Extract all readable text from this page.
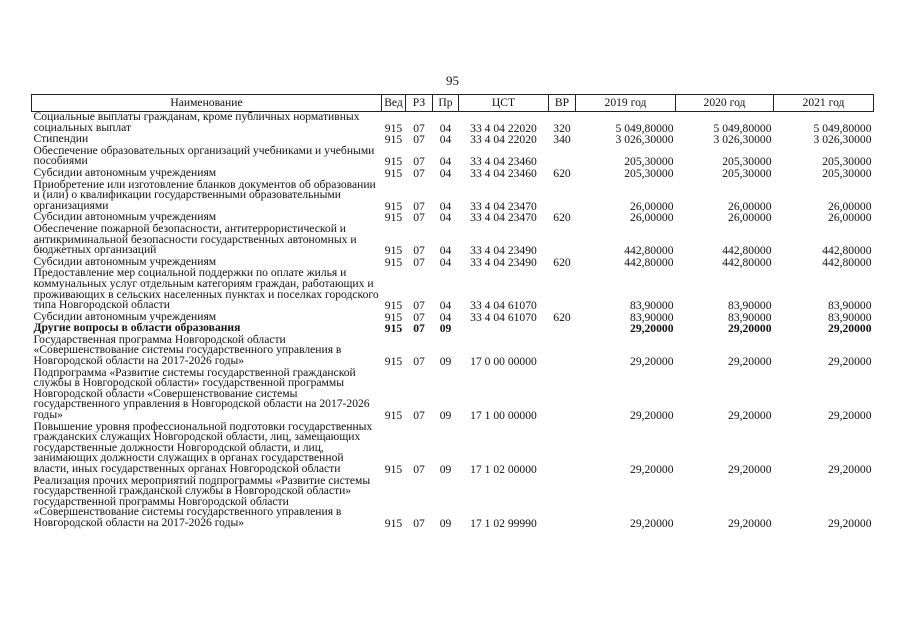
95
Наименование	Вед	РЗ	Пр	ЦСТ	ВР	2019 год	2020 год	2021 год
Социальные выплаты гражданам, кроме публичных нормативных социальных выплат	915	07	04	33 4 04 22020	320	5 049,80000	5 049,80000	5 049,80000
Стипендии	915	07	04	33 4 04 22020	340	3 026,30000	3 026,30000	3 026,30000
Обеспечение образовательных организаций учебниками и учебными пособиями	915	07	04	33 4 04 23460		205,30000	205,30000	205,30000
Субсидии автономным учреждениям	915	07	04	33 4 04 23460	620	205,30000	205,30000	205,30000
Приобретение или изготовление бланков документов об образовании и (или) о квалификации государственными образовательными организациями	915	07	04	33 4 04 23470		26,00000	26,00000	26,00000
Субсидии автономным учреждениям	915	07	04	33 4 04 23470	620	26,00000	26,00000	26,00000
Обеспечение пожарной безопасности, антитеррористической и антикриминальной безопасности государственных автономных и бюджетных организаций	915	07	04	33 4 04 23490		442,80000	442,80000	442,80000
Субсидии автономным учреждениям	915	07	04	33 4 04 23490	620	442,80000	442,80000	442,80000
Предоставление мер социальной поддержки по оплате жилья и коммунальных услуг отдельным категориям граждан, работающих и проживающих в сельских населенных пунктах и поселках городского типа Новгородской области	915	07	04	33 4 04 61070		83,90000	83,90000	83,90000
Субсидии автономным учреждениям	915	07	04	33 4 04 61070	620	83,90000	83,90000	83,90000
Другие вопросы в области образования	915	07	09			29,20000	29,20000	29,20000
Государственная программа Новгородской области «Совершенствование системы государственного управления в Новгородской области на 2017-2026 годы»	915	07	09	17 0 00 00000		29,20000	29,20000	29,20000
Подпрограмма «Развитие системы государственной гражданской службы в Новгородской области» государственной программы Новгородской области «Совершенствование системы государственного управления в Новгородской области на 2017-2026 годы»	915	07	09	17 1 00 00000		29,20000	29,20000	29,20000
Повышение уровня профессиональной подготовки государственных гражданских служащих Новгородской области, лиц, замещающих государственные должности Новгородской области, и лиц, занимающих должности служащих в органах государственной власти, иных государственных органах Новгородской области	915	07	09	17 1 02 00000		29,20000	29,20000	29,20000
Реализация прочих мероприятий подпрограммы «Развитие системы государственной гражданской службы в Новгородской области» государственной программы Новгородской области «Совершенствование системы государственного управления в Новгородской области на 2017-2026 годы»	915	07	09	17 1 02 99990		29,20000	29,20000	29,20000
